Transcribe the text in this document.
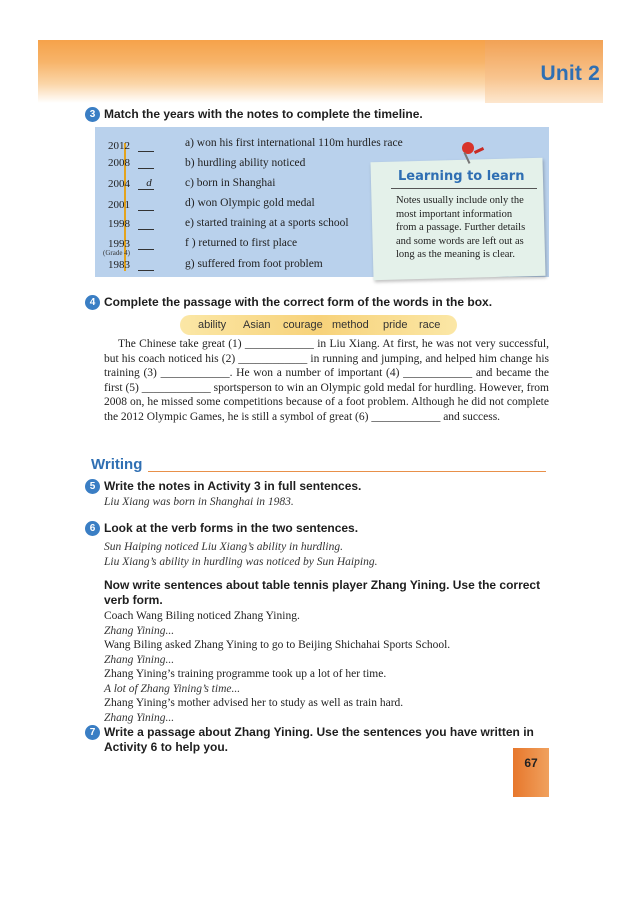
Unit 2
3 Match the years with the notes to complete the timeline.
2012
2008
2004
2001
1998
1993
(Grade 4)
1983
d
a) won his first international 110m hurdles race
b) hurdling ability noticed
c) born in Shanghai
d) won Olympic gold medal
e) started training at a sports school
f ) returned to first place
g) suffered from foot problem
Learning to learn
Notes usually include only the
most important information
from a passage. Further details
and some words are left out as
long as the meaning is clear.
4 Complete the passage with the correct form of the words in the box.
ability Asian courage method pride race

The Chinese take great (1) ____________ in Liu Xiang. At first, he was not very successful, but his coach noticed his (2) ____________ in running and jumping, and helped him change his training (3) ____________. He won a number of important (4) ____________ and became the first (5) ____________ sportsperson to win an Olympic gold medal for hurdling. However, from 2008 on, he missed some competitions because of a foot problem. Although he did not complete the 2012 Olympic Games, he is still a symbol of great (6) ____________ and success.

Writing
5 Write the notes in Activity 3 in full sentences.
Liu Xiang was born in Shanghai in 1983.
6 Look at the verb forms in the two sentences.
Sun Haiping noticed Liu Xiang’s ability in hurdling.
Liu Xiang’s ability in hurdling was noticed by Sun Haiping.
Now write sentences about table tennis player Zhang Yining. Use the correct
verb form.
Coach Wang Biling noticed Zhang Yining.
Zhang Yining...
Wang Biling asked Zhang Yining to go to Beijing Shichahai Sports School.
Zhang Yining...
Zhang Yining’s training programme took up a lot of her time.
A lot of Zhang Yining’s time...
Zhang Yining’s mother advised her to study as well as train hard.
Zhang Yining...
7 Write a passage about Zhang Yining. Use the sentences you have written in
Activity 6 to help you.
67
